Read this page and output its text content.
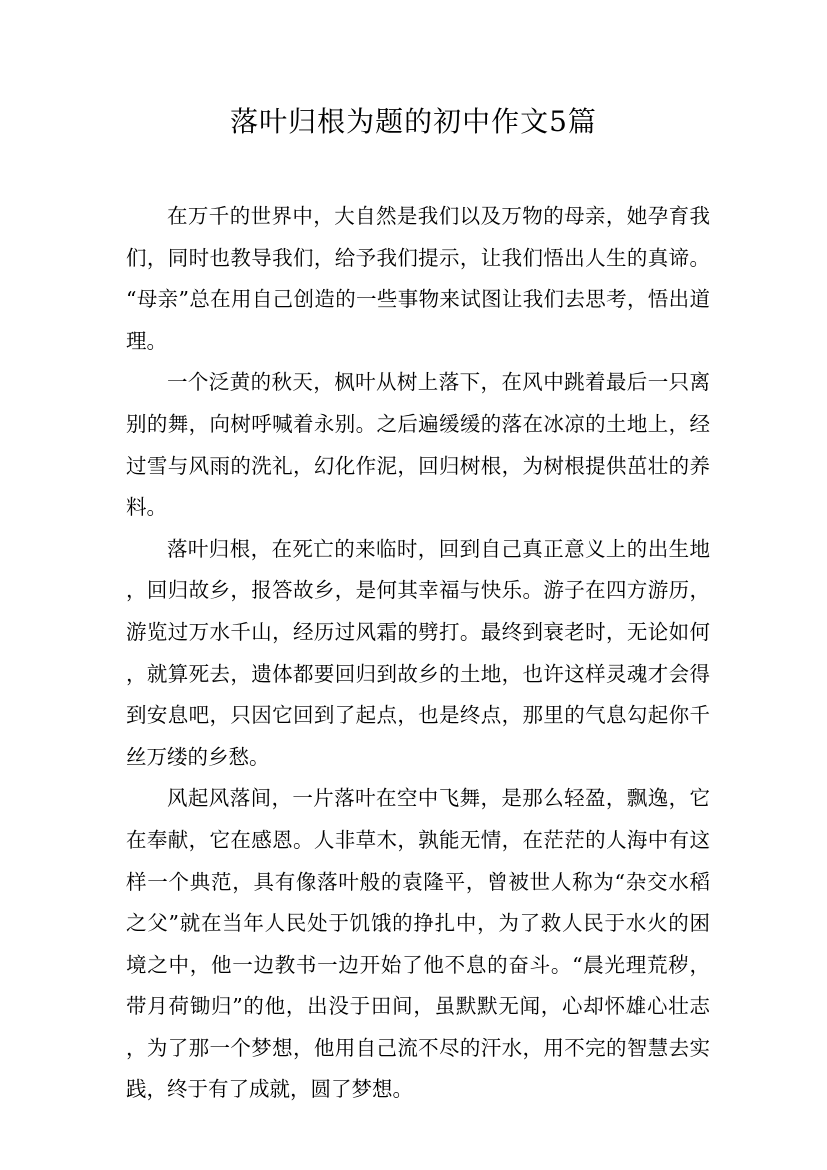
落叶归根为题的初中作文5篇

在万千的世界中，大自然是我们以及万物的母亲，她孕育我们，同时也教导我们，给予我们提示，让我们悟出人生的真谛。“母亲”总在用自己创造的一些事物来试图让我们去思考，悟出道理。

一个泛黄的秋天，枫叶从树上落下，在风中跳着最后一只离别的舞，向树呼喊着永别。之后遍缓缓的落在冰凉的土地上，经过雪与风雨的洗礼，幻化作泥，回归树根，为树根提供茁壮的养料。

落叶归根，在死亡的来临时，回到自己真正意义上的出生地，回归故乡，报答故乡，是何其幸福与快乐。游子在四方游历，游览过万水千山，经历过风霜的劈打。最终到衰老时，无论如何，就算死去，遗体都要回归到故乡的土地，也许这样灵魂才会得到安息吧，只因它回到了起点，也是终点，那里的气息勾起你千丝万缕的乡愁。

风起风落间，一片落叶在空中飞舞，是那么轻盈，飘逸，它在奉献，它在感恩。人非草木，孰能无情，在茫茫的人海中有这样一个典范，具有像落叶般的袁隆平，曾被世人称为“杂交水稻之父”就在当年人民处于饥饿的挣扎中，为了救人民于水火的困境之中，他一边教书一边开始了他不息的奋斗。“晨光理荒秽，带月荷锄归”的他，出没于田间，虽默默无闻，心却怀雄心壮志，为了那一个梦想，他用自己流不尽的汗水，用不完的智慧去实践，终于有了成就，圆了梦想。
